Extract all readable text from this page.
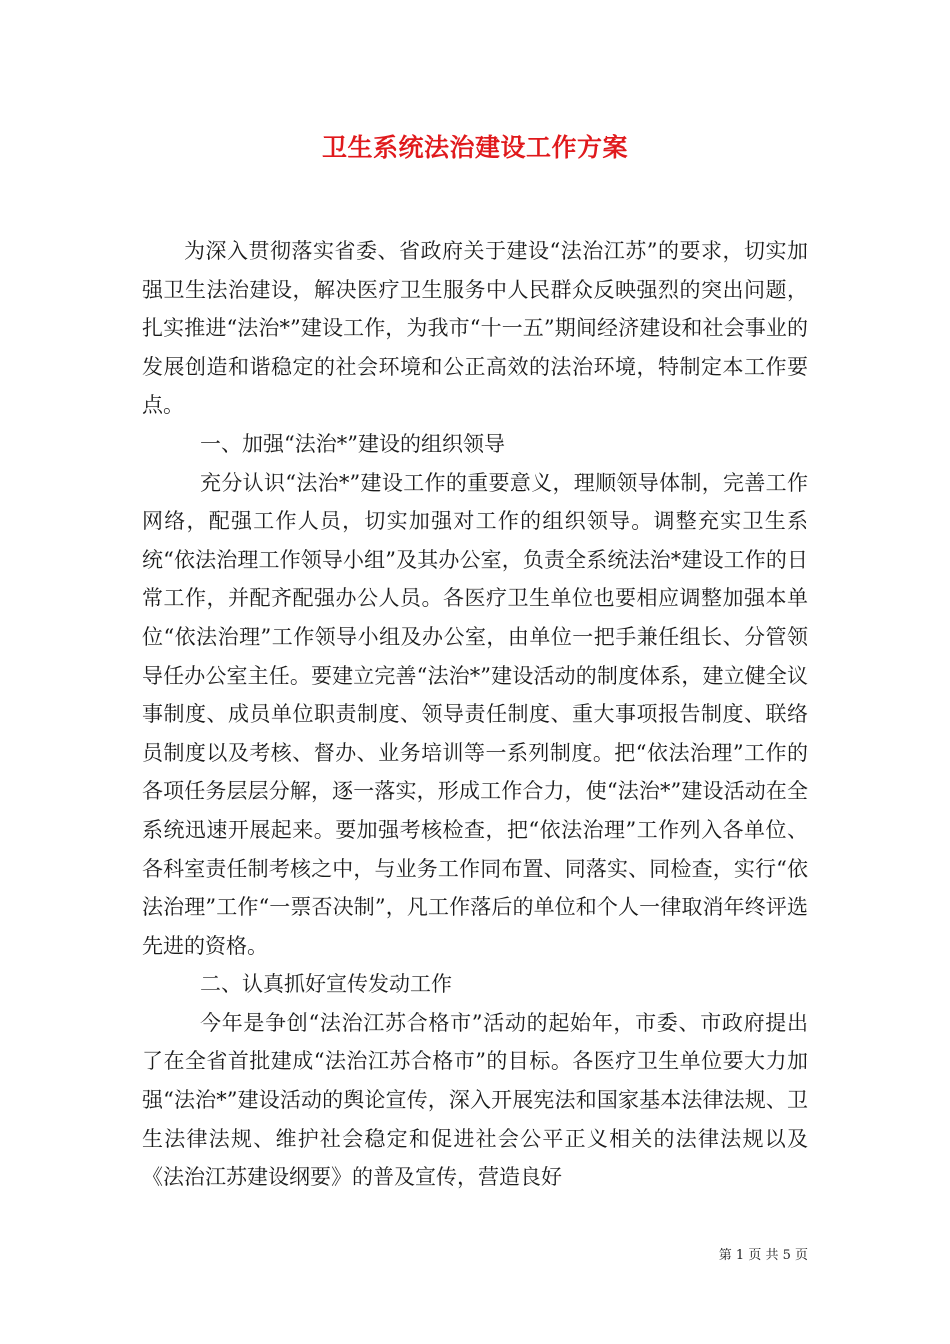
卫生系统法治建设工作方案

为深入贯彻落实省委、省政府关于建设“法治江苏”的要求，切实加强卫生法治建设，解决医疗卫生服务中人民群众反映强烈的突出问题，扎实推进“法治*”建设工作，为我市“十一五”期间经济建设和社会事业的发展创造和谐稳定的社会环境和公正高效的法治环境，特制定本工作要点。

一、加强“法治*”建设的组织领导

充分认识“法治*”建设工作的重要意义，理顺领导体制，完善工作网络，配强工作人员，切实加强对工作的组织领导。调整充实卫生系统“依法治理工作领导小组”及其办公室，负责全系统法治*建设工作的日常工作，并配齐配强办公人员。各医疗卫生单位也要相应调整加强本单位“依法治理”工作领导小组及办公室，由单位一把手兼任组长、分管领导任办公室主任。要建立完善“法治*”建设活动的制度体系，建立健全议事制度、成员单位职责制度、领导责任制度、重大事项报告制度、联络员制度以及考核、督办、业务培训等一系列制度。把“依法治理”工作的各项任务层层分解，逐一落实，形成工作合力，使“法治*”建设活动在全系统迅速开展起来。要加强考核检查，把“依法治理”工作列入各单位、各科室责任制考核之中，与业务工作同布置、同落实、同检查，实行“依法治理”工作“一票否决制”，凡工作落后的单位和个人一律取消年终评选先进的资格。

二、认真抓好宣传发动工作

今年是争创“法治江苏合格市”活动的起始年，市委、市政府提出了在全省首批建成“法治江苏合格市”的目标。各医疗卫生单位要大力加强“法治*”建设活动的舆论宣传，深入开展宪法和国家基本法律法规、卫生法律法规、维护社会稳定和促进社会公平正义相关的法律法规以及《法治江苏建设纲要》的普及宣传，营造良好

第 1 页 共 5 页
